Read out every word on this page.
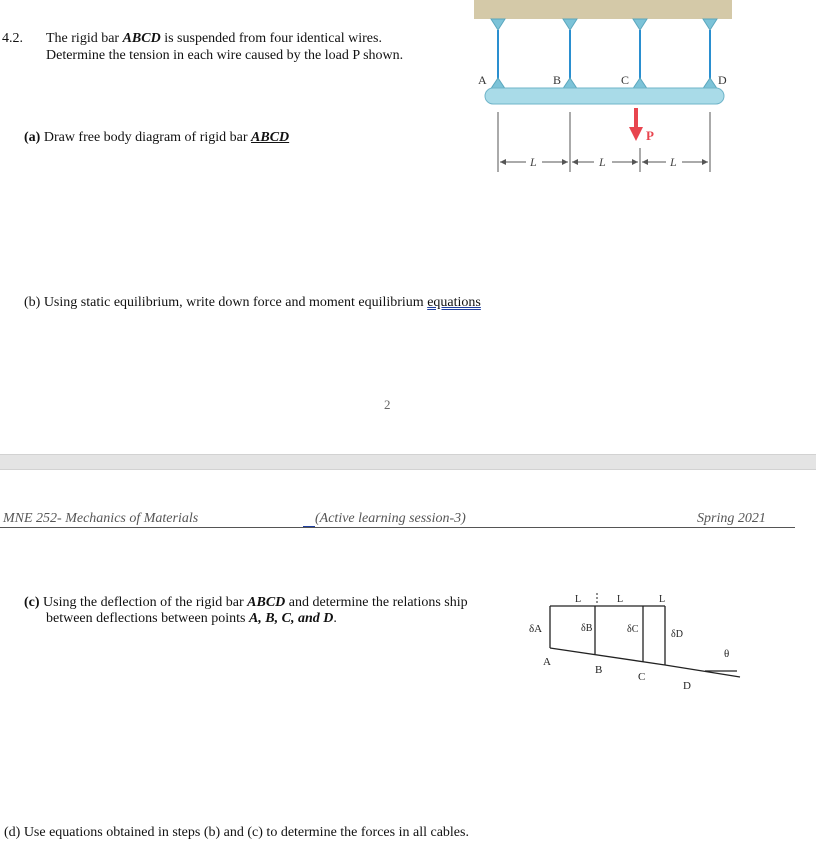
4.2. The rigid bar ABCD is suspended from four identical wires.
Determine the tension in each wire caused by the load P shown.
(a) Draw free body diagram of rigid bar ABCD
(b) Using static equilibrium, write down force and moment equilibrium equations
2
A	B	C	D
P
L	L	L
MNE 252- Mechanics of Materials	(Active learning session-3)	Spring 2021
(c) Using the deflection of the rigid bar ABCD and determine the relations ship
between deflections between points A, B, C, and D.
L	L	L
δA	δB	δC	δD
A
B
C
D
θ
(d) Use equations obtained in steps (b) and (c) to determine the forces in all cables.
